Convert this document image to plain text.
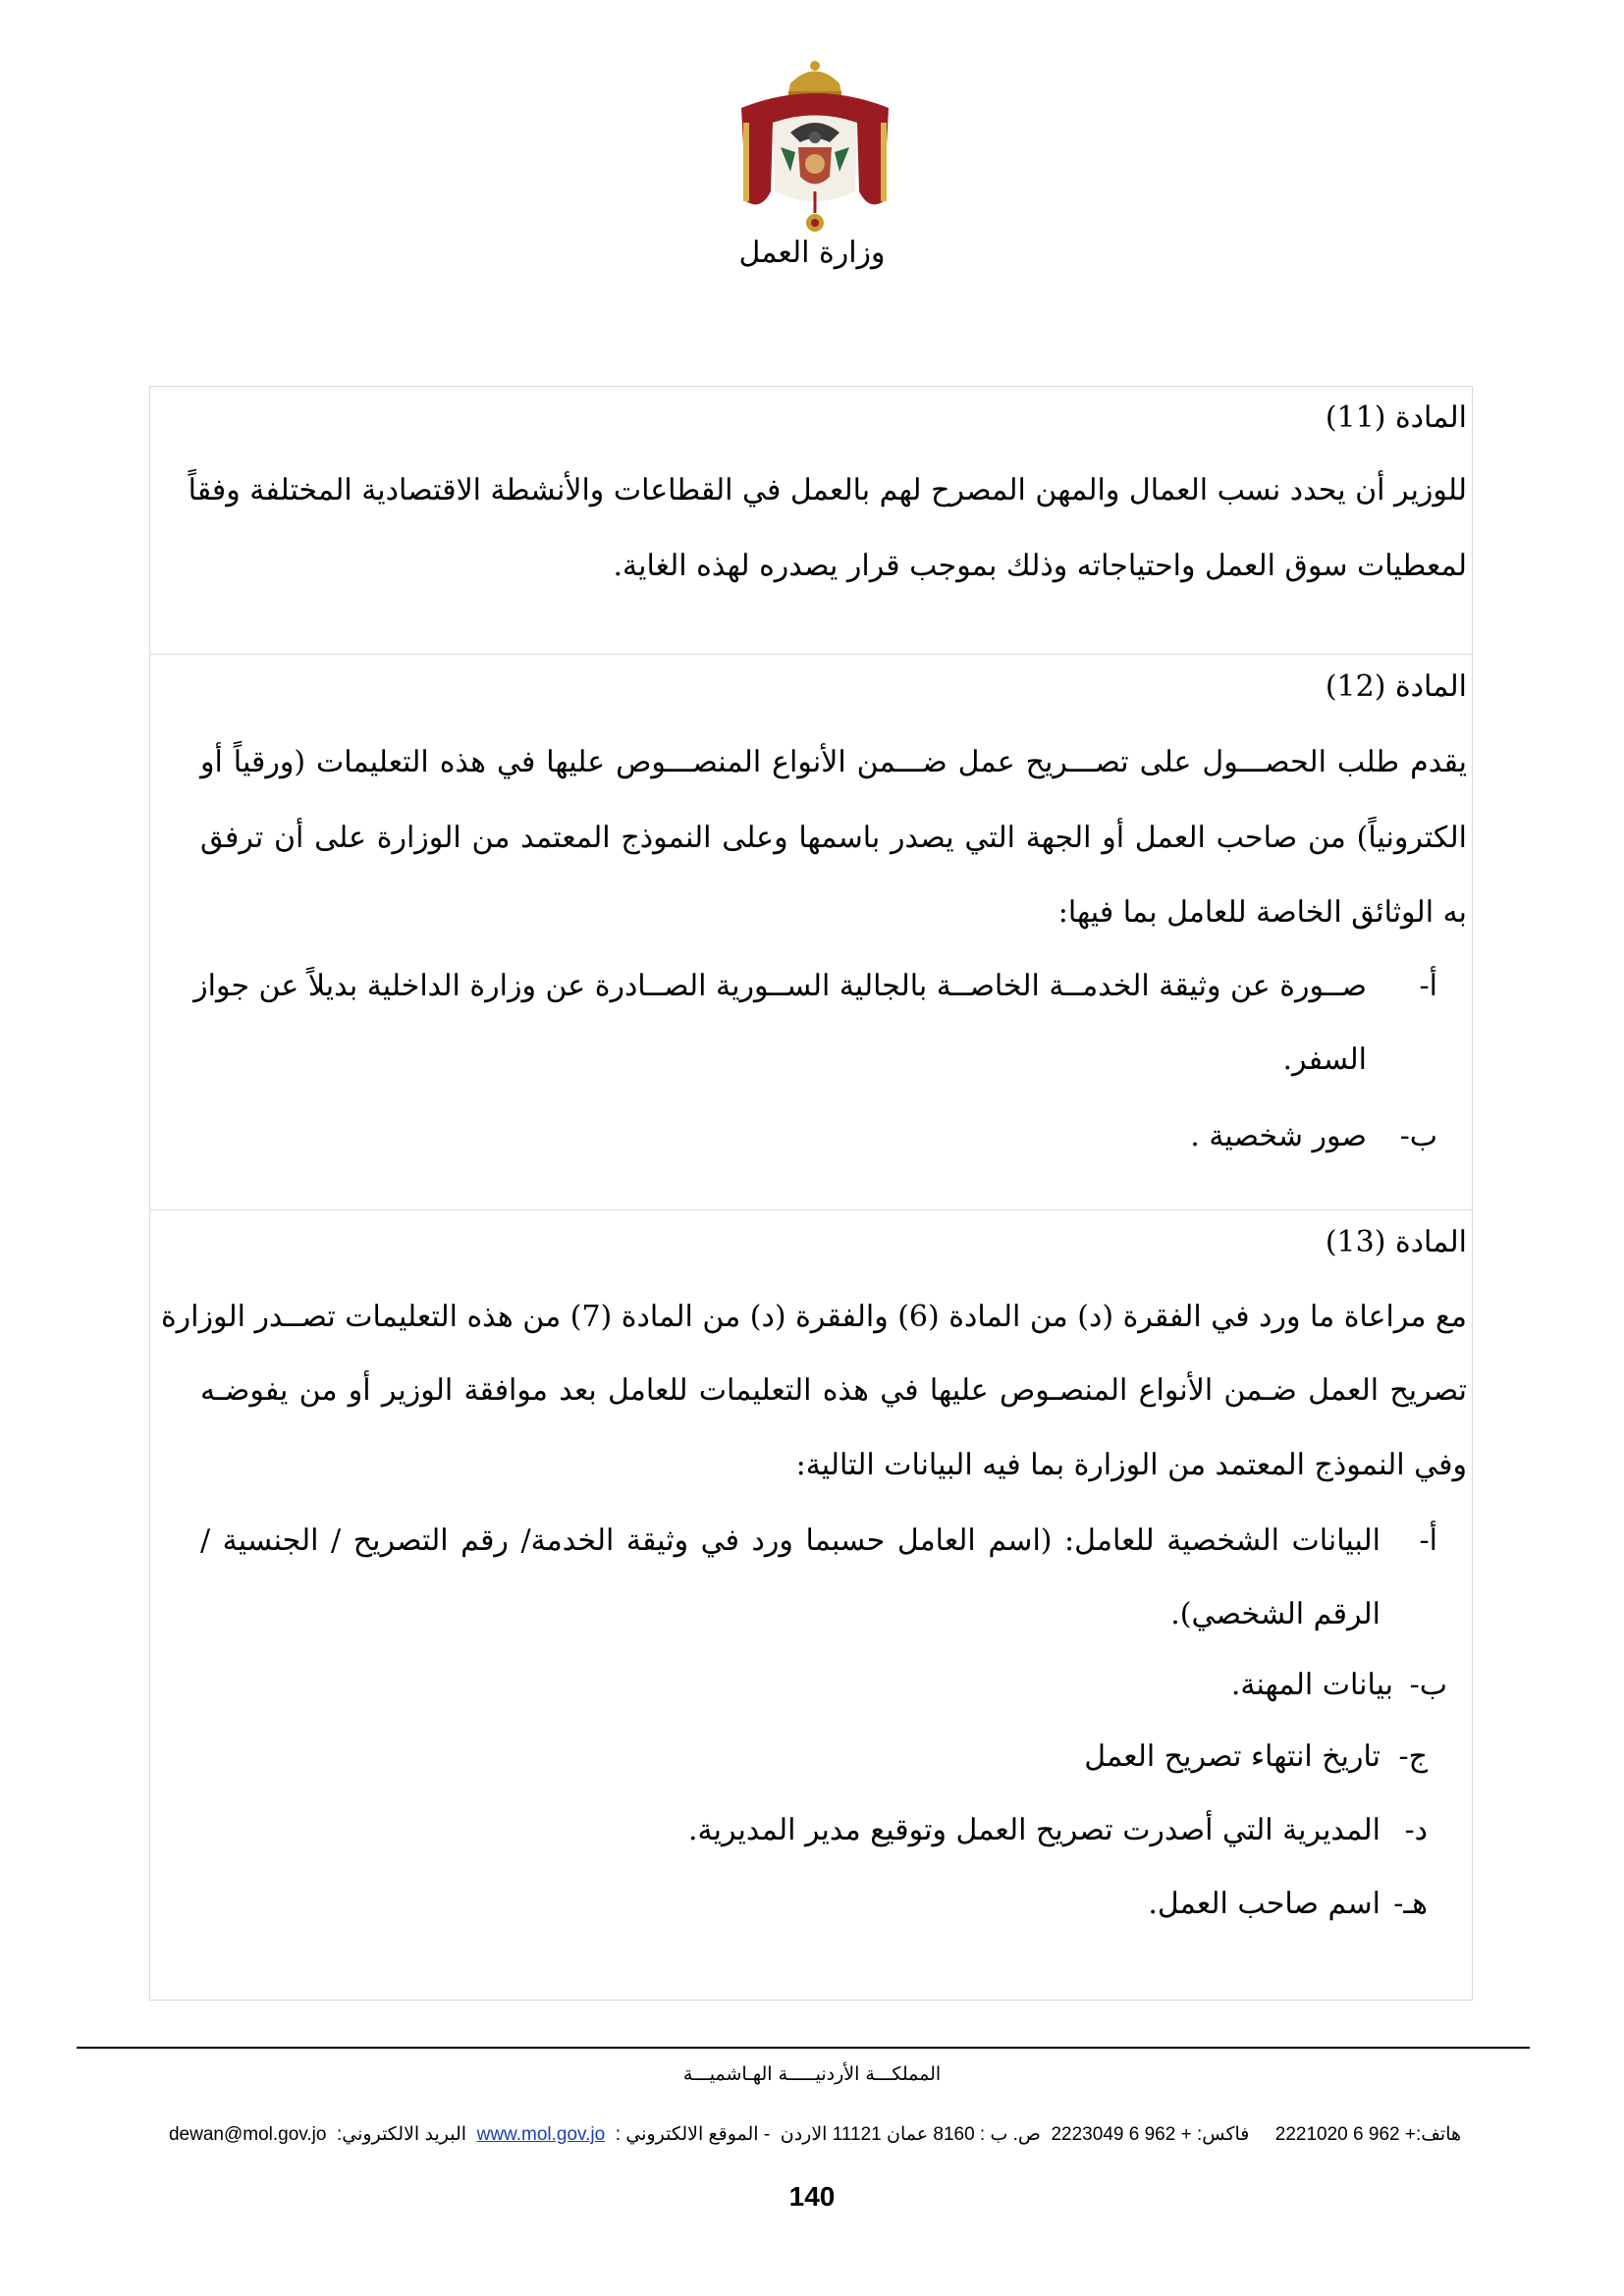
وزارة العمل
المادة (11)
للوزير أن يحدد نسب العمال والمهن المصرح لهم بالعمل في القطاعات والأنشطة الاقتصادية المختلفة وفقاً
لمعطيات سوق العمل واحتياجاته وذلك بموجب قرار يصدره لهذه الغاية.
المادة (12)
يقدم طلب الحصـــول على تصـــريح عمل ضـــمن الأنواع المنصـــوص عليها في هذه التعليمات (ورقياً أو
الكترونياً) من صاحب العمل أو الجهة التي يصدر باسمها وعلى النموذج المعتمد من الوزارة على أن ترفق
به الوثائق الخاصة للعامل بما فيها:
أ-
صــورة عن وثيقة الخدمــة الخاصــة بالجالية الســورية الصــادرة عن وزارة الداخلية بديلاً عن جواز
السفر.
ب-
صور شخصية .
المادة (13)
مع مراعاة ما ورد في الفقرة (د) من المادة (6) والفقرة (د) من المادة (7) من هذه التعليمات تصــدر الوزارة
تصريح العمل ضـمن الأنواع المنصـوص عليها في هذه التعليمات للعامل بعد موافقة الوزير أو من يفوضـه
وفي النموذج المعتمد من الوزارة بما فيه البيانات التالية:
أ-
البيانات الشخصية للعامل: (اسم العامل حسبما ورد في وثيقة الخدمة/ رقم التصريح / الجنسية /
الرقم الشخصي).
ب-
بيانات المهنة.
ج-
تاريخ انتهاء تصريح العمل
د-
المديرية التي أصدرت تصريح العمل وتوقيع مدير المديرية.
هـ-
اسم صاحب العمل.
المملكـــة الأردنيـــــة الهـاشميـــة
هاتف:+ 962 6 2221020     فاكس: + 962 6 2223049  ص. ب : 8160 عمان 11121 الاردن  - الموقع الالكتروني :  www.mol.gov.jo  البريد الالكتروني:  dewan@mol.gov.jo
140
